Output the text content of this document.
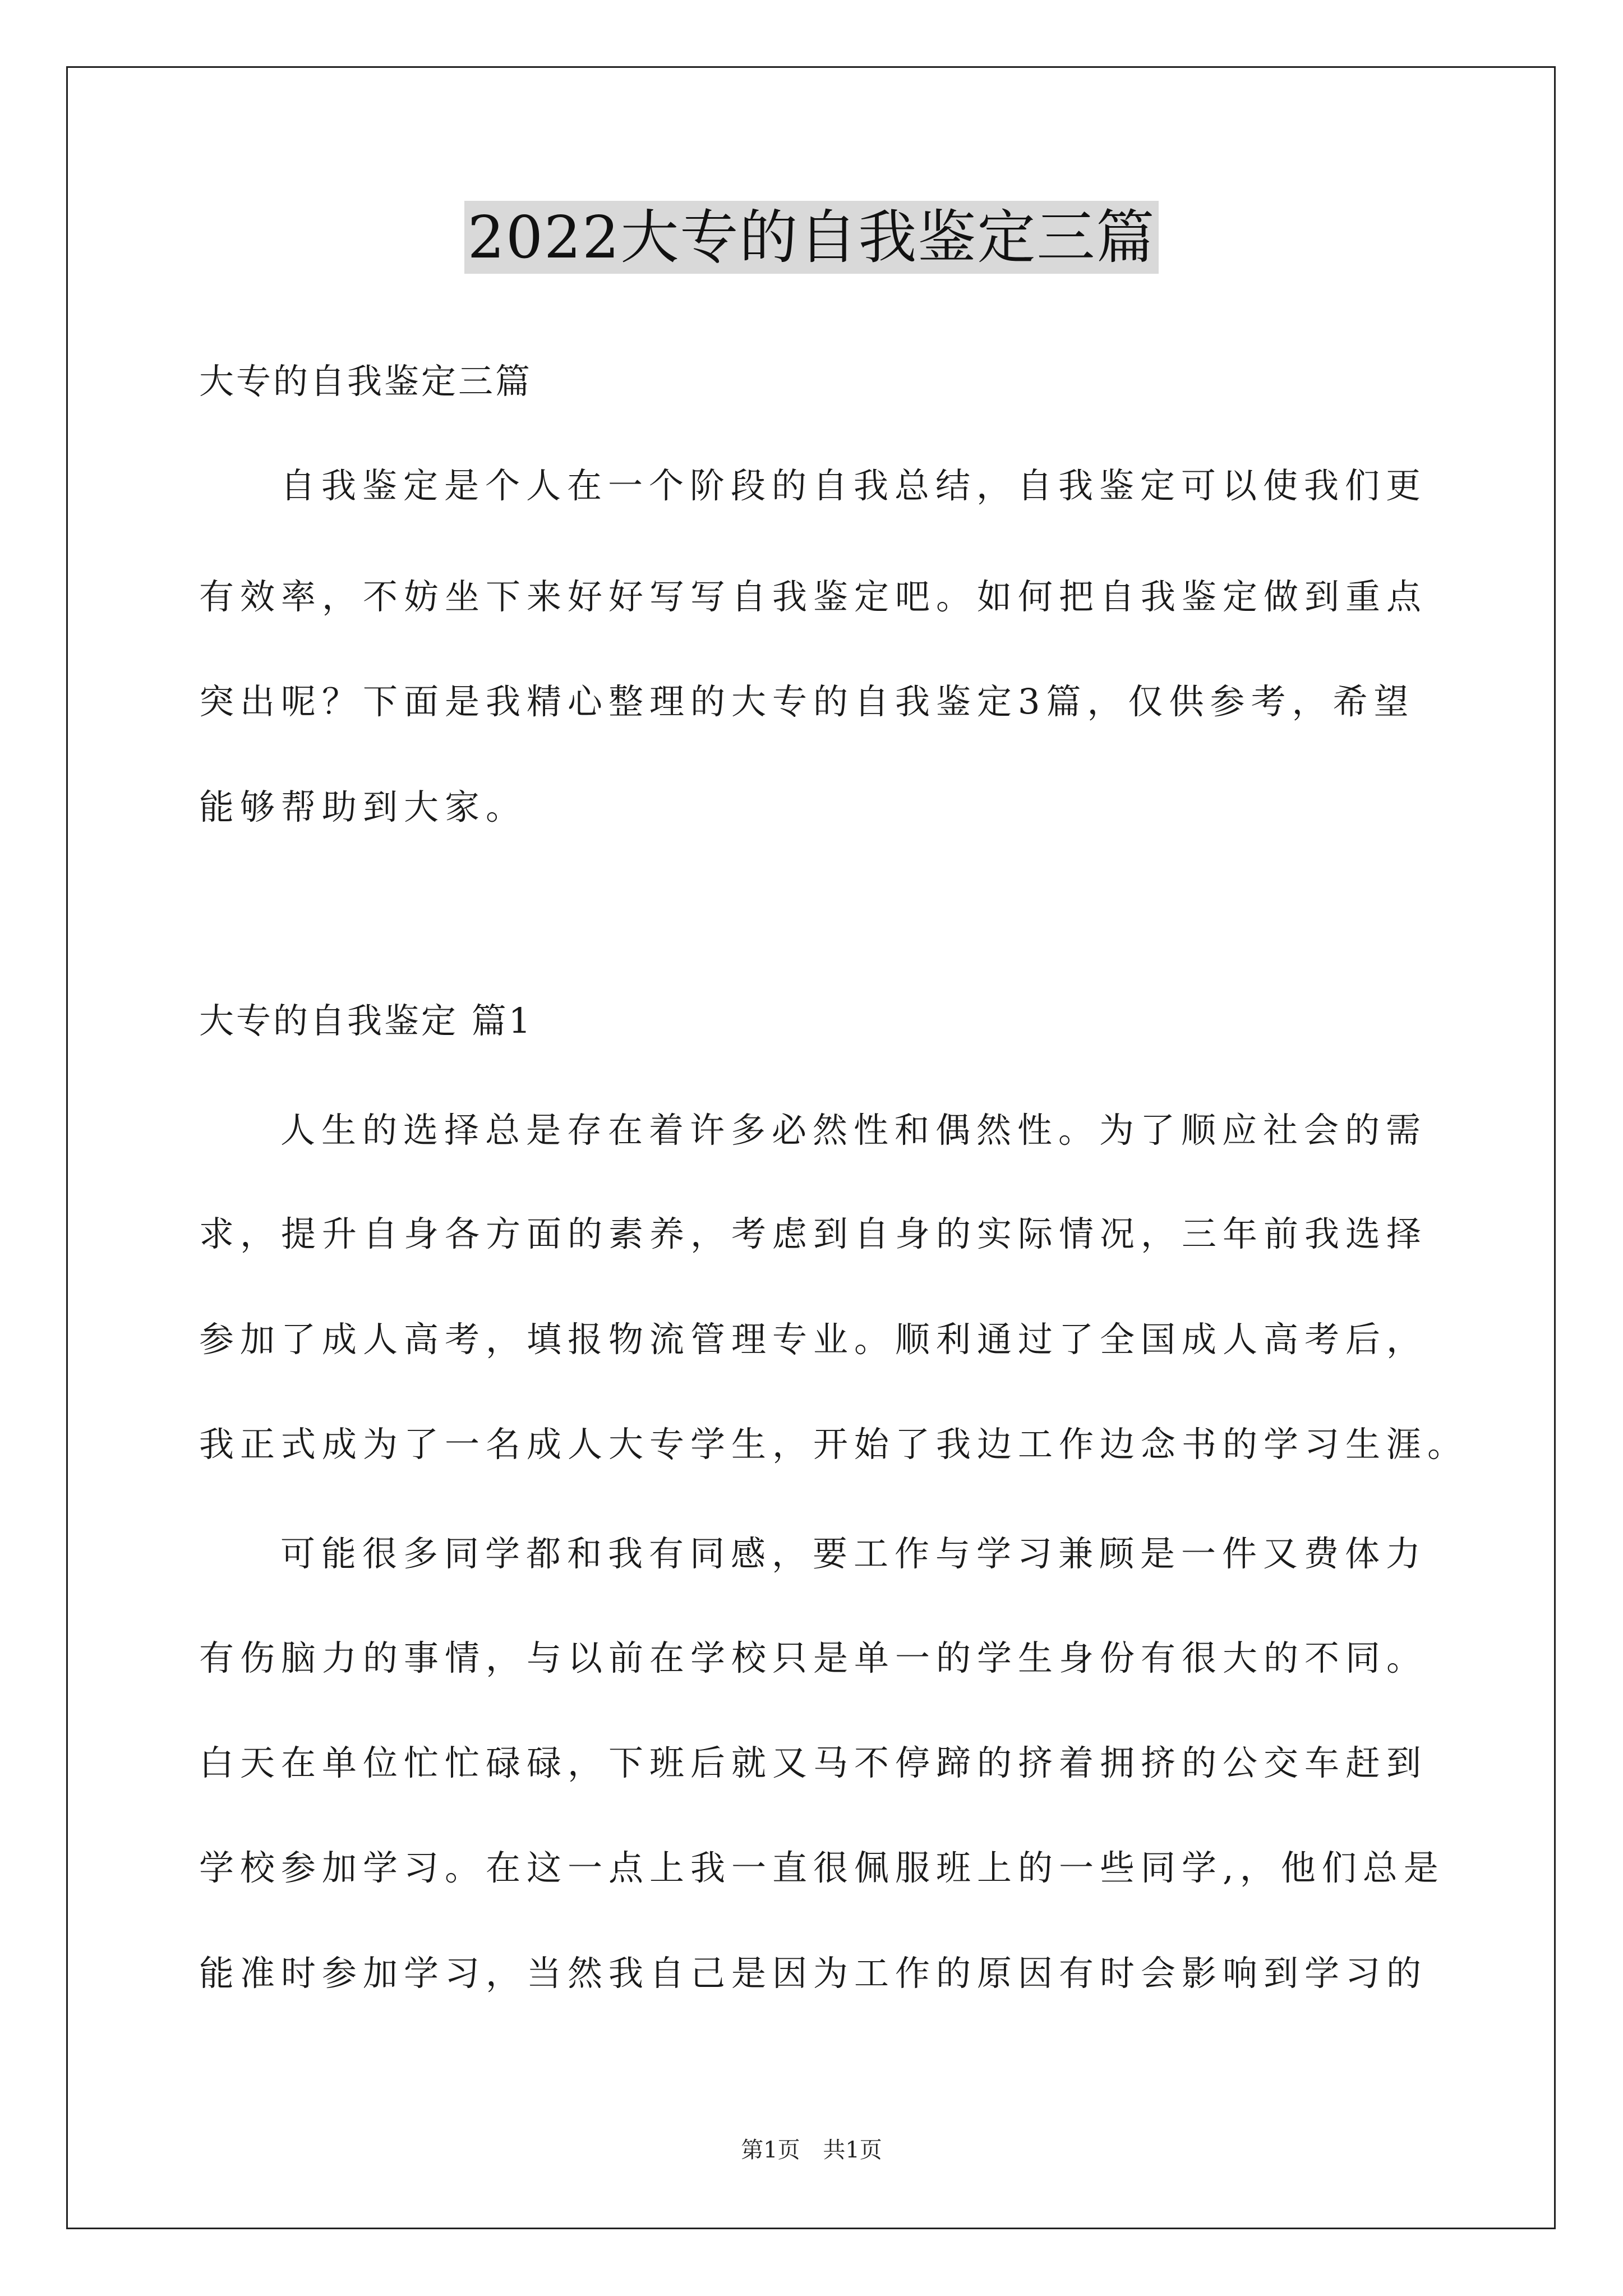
2022大专的自我鉴定三篇
大专的自我鉴定三篇
自我鉴定是个人在一个阶段的自我总结，自我鉴定可以使我们更
有效率，不妨坐下来好好写写自我鉴定吧。如何把自我鉴定做到重点
突出呢？下面是我精心整理的大专的自我鉴定3篇，仅供参考，希望
能够帮助到大家。
大专的自我鉴定 篇1
人生的选择总是存在着许多必然性和偶然性。为了顺应社会的需
求，提升自身各方面的素养，考虑到自身的实际情况，三年前我选择
参加了成人高考，填报物流管理专业。顺利通过了全国成人高考后，
我正式成为了一名成人大专学生，开始了我边工作边念书的学习生涯。
可能很多同学都和我有同感，要工作与学习兼顾是一件又费体力
有伤脑力的事情，与以前在学校只是单一的学生身份有很大的不同。
白天在单位忙忙碌碌，下班后就又马不停蹄的挤着拥挤的公交车赶到
学校参加学习。在这一点上我一直很佩服班上的一些同学,，他们总是
能准时参加学习，当然我自己是因为工作的原因有时会影响到学习的
第1页 共1页
